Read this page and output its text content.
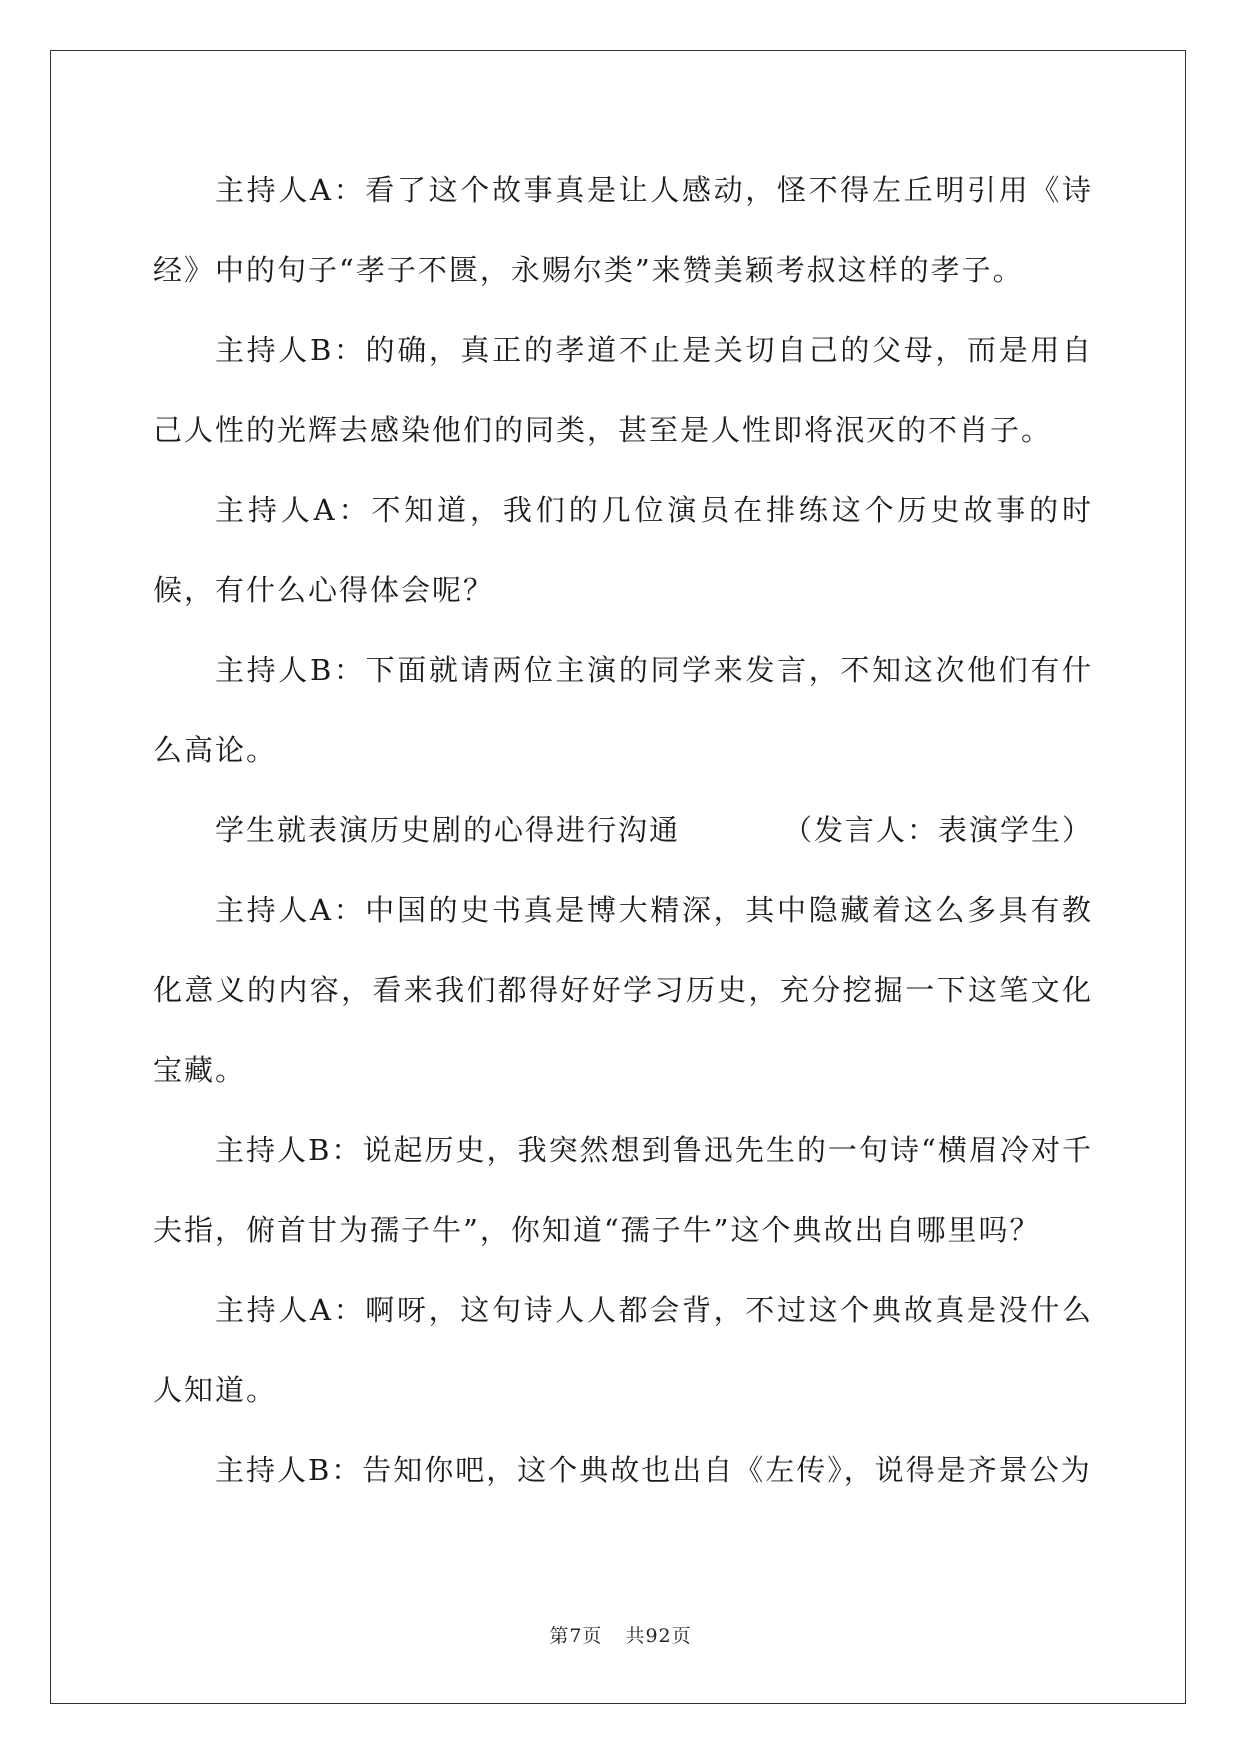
主持人A：看了这个故事真是让人感动，怪不得左丘明引用《诗经》中的句子“孝子不匮，永赐尔类”来赞美颖考叔这样的孝子。

主持人B：的确，真正的孝道不止是关切自己的父母，而是用自己人性的光辉去感染他们的同类，甚至是人性即将泯灭的不肖子。

主持人A：不知道，我们的几位演员在排练这个历史故事的时候，有什么心得体会呢？

主持人B：下面就请两位主演的同学来发言，不知这次他们有什么高论。

学生就表演历史剧的心得进行沟通	（发言人：表演学生）

主持人A：中国的史书真是博大精深，其中隐藏着这么多具有教化意义的内容，看来我们都得好好学习历史，充分挖掘一下这笔文化宝藏。

主持人B：说起历史，我突然想到鲁迅先生的一句诗“横眉冷对千夫指，俯首甘为孺子牛”，你知道“孺子牛”这个典故出自哪里吗？

主持人A：啊呀，这句诗人人都会背，不过这个典故真是没什么人知道。

主持人B：告知你吧，这个典故也出自《左传》，说得是齐景公为

第7页 共92页
